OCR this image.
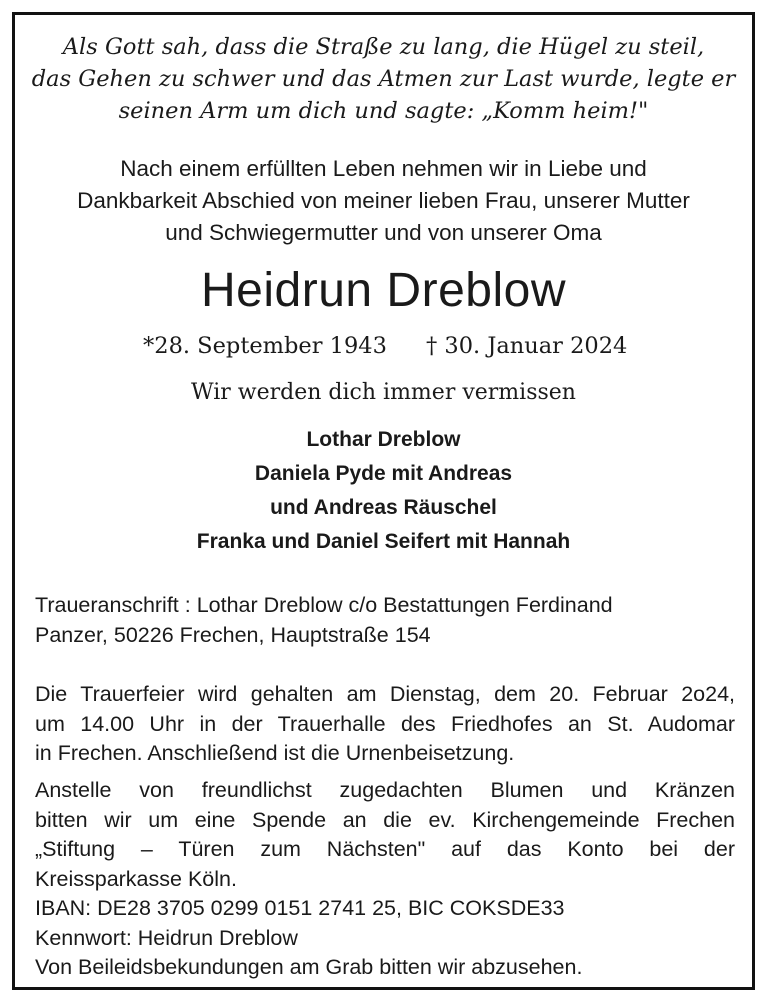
Als Gott sah, dass die Straße zu lang, die Hügel zu steil,
das Gehen zu schwer und das Atmen zur Last wurde, legte er
seinen Arm um dich und sagte: „Komm heim!"
Nach einem erfüllten Leben nehmen wir in Liebe und
Dankbarkeit Abschied von meiner lieben Frau, unserer Mutter
und Schwiegermutter und von unserer Oma
Heidrun Dreblow
*28. September 1943 † 30. Januar 2024
Wir werden dich immer vermissen
Lothar Dreblow
Daniela Pyde mit Andreas
und Andreas Räuschel
Franka und Daniel Seifert mit Hannah
Traueranschrift : Lothar Dreblow c/o Bestattungen Ferdinand
Panzer, 50226 Frechen, Hauptstraße 154
Die Trauerfeier wird gehalten am Dienstag, dem 20. Februar 2o24,
um 14.00 Uhr in der Trauerhalle des Friedhofes an St. Audomar
in Frechen. Anschließend ist die Urnenbeisetzung.
Anstelle von freundlichst zugedachten Blumen und Kränzen
bitten wir um eine Spende an die ev. Kirchengemeinde Frechen
„Stiftung – Türen zum Nächsten" auf das Konto bei der
Kreissparkasse Köln.
IBAN: DE28 3705 0299 0151 2741 25, BIC COKSDE33
Kennwort: Heidrun Dreblow
Von Beileidsbekundungen am Grab bitten wir abzusehen.
